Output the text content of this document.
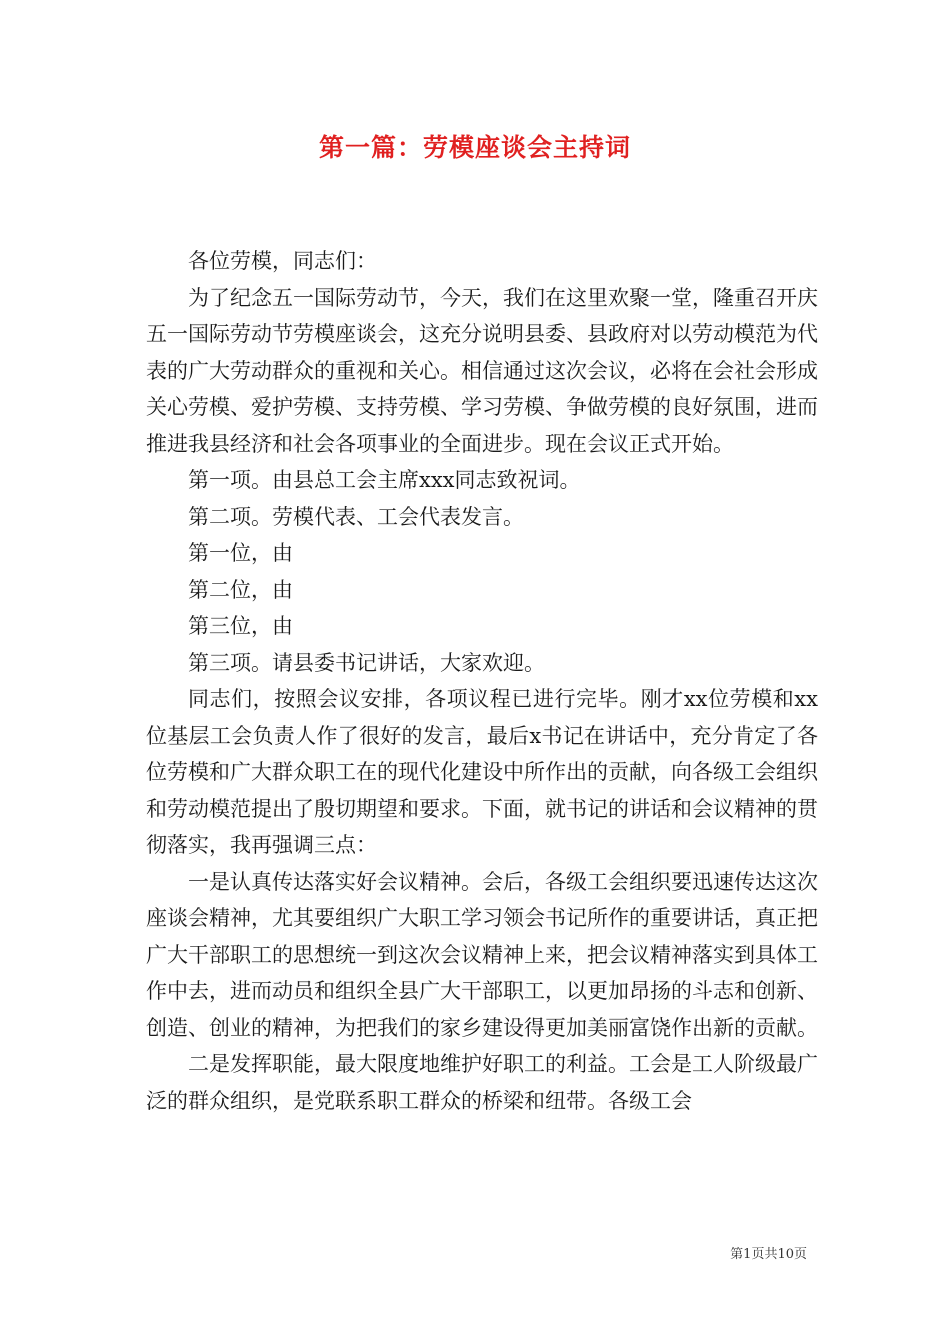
第一篇：劳模座谈会主持词

各位劳模，同志们：

为了纪念五一国际劳动节，今天，我们在这里欢聚一堂，隆重召开庆五一国际劳动节劳模座谈会，这充分说明县委、县政府对以劳动模范为代表的广大劳动群众的重视和关心。相信通过这次会议，必将在会社会形成关心劳模、爱护劳模、支持劳模、学习劳模、争做劳模的良好氛围，进而推进我县经济和社会各项事业的全面进步。现在会议正式开始。

第一项。由县总工会主席xxx同志致祝词。

第二项。劳模代表、工会代表发言。

第一位，由

第二位，由

第三位，由

第三项。请县委书记讲话，大家欢迎。

同志们，按照会议安排，各项议程已进行完毕。刚才xx位劳模和xx位基层工会负责人作了很好的发言，最后x书记在讲话中，充分肯定了各位劳模和广大群众职工在的现代化建设中所作出的贡献，向各级工会组织和劳动模范提出了殷切期望和要求。下面，就书记的讲话和会议精神的贯彻落实，我再强调三点：

一是认真传达落实好会议精神。会后，各级工会组织要迅速传达这次座谈会精神，尤其要组织广大职工学习领会书记所作的重要讲话，真正把广大干部职工的思想统一到这次会议精神上来，把会议精神落实到具体工作中去，进而动员和组织全县广大干部职工，以更加昂扬的斗志和创新、创造、创业的精神，为把我们的家乡建设得更加美丽富饶作出新的贡献。

二是发挥职能，最大限度地维护好职工的利益。工会是工人阶级最广泛的群众组织，是党联系职工群众的桥梁和纽带。各级工会

第1页共10页
